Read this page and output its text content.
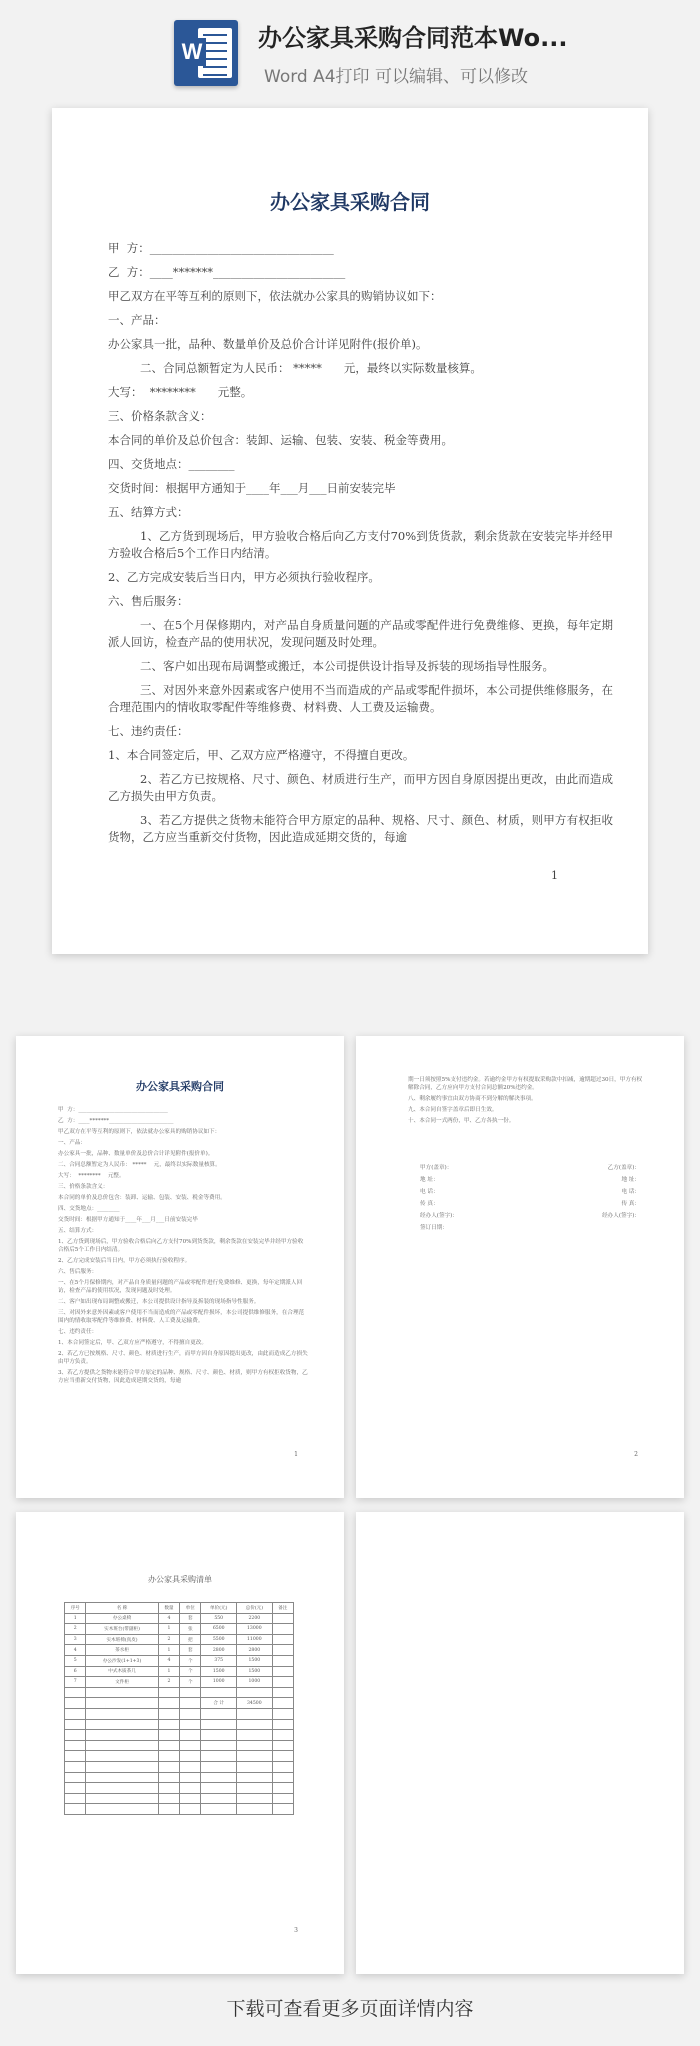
W 办公家具采购合同范本Wo...
Word A4打印 可以编辑、可以修改
办公家具采购合同
甲  方：________________________________
乙  方：____*******_______________________
甲乙双方在平等互利的原则下，依法就办公家具的购销协议如下：
一、产品：
办公家具一批，品种、数量单价及总价合计详见附件(报价单)。
二、合同总额暂定为人民币： *****      元，最终以实际数量核算。
大写：  ********      元整。
三、价格条款含义：
本合同的单价及总价包含：装卸、运输、包装、安装、税金等费用。
四、交货地点：________
交货时间：根据甲方通知于____年___月___日前安装完毕
五、结算方式：
1、乙方货到现场后，甲方验收合格后向乙方支付70%到货货款，剩余货款在安装完毕并经甲方验收合格后5个工作日内结清。
2、乙方完成安装后当日内，甲方必须执行验收程序。
六、售后服务：
一、在5个月保修期内，对产品自身质量问题的产品或零配件进行免费维修、更换，每年定期派人回访，检查产品的使用状况，发现问题及时处理。
二、客户如出现布局调整或搬迁，本公司提供设计指导及拆装的现场指导性服务。
三、对因外来意外因素或客户使用不当而造成的产品或零配件损坏，本公司提供维修服务，在合理范围内的情收取零配件等维修费、材料费、人工费及运输费。
七、违约责任：
1、本合同签定后，甲、乙双方应严格遵守，不得擅自更改。
2、若乙方已按规格、尺寸、颜色、材质进行生产，而甲方因自身原因提出更改，由此而造成乙方损失由甲方负责。
3、若乙方提供之货物未能符合甲方原定的品种、规格、尺寸、颜色、材质，则甲方有权拒收货物，乙方应当重新交付货物，因此造成延期交货的，每逾
1
办公家具采购合同
甲  方：________________________________
乙  方：____*******_______________________
甲乙双方在平等互利的原则下，依法就办公家具的购销协议如下：
一、产品：
办公家具一批，品种、数量单价及总价合计详见附件(报价单)。
二、合同总额暂定为人民币： *****    元，最终以实际数量核算。
大写：  ********    元整。
三、价格条款含义：
本合同的单价及总价包含：装卸、运输、包装、安装、税金等费用。
四、交货地点：________
交货时间：根据甲方通知于____年___月___日前安装完毕
五、结算方式：
1、乙方货到现场后，甲方验收合格后向乙方支付70%到货货款，剩余货款在安装完毕并经甲方验收合格后5个工作日内结清。
2、乙方完成安装后当日内，甲方必须执行验收程序。
六、售后服务：
一、在5个月保修期内，对产品自身质量问题的产品或零配件进行免费维修、更换，每年定期派人回访，检查产品的使用状况，发现问题及时处理。
二、客户如出现布局调整或搬迁，本公司提供设计指导及拆装的现场指导性服务。
三、对因外来意外因素或客户使用不当而造成的产品或零配件损坏，本公司提供维修服务，在合理范围内的情收取零配件等维修费、材料费、人工费及运输费。
七、违约责任：
1、本合同签定后，甲、乙双方应严格遵守，不得擅自更改。
2、若乙方已按规格、尺寸、颜色、材质进行生产，而甲方因自身原因提出更改，由此而造成乙方损失由甲方负责。
3、若乙方提供之货物未能符合甲方原定的品种、规格、尺寸、颜色、材质，则甲方有权拒收货物，乙方应当重新交付货物，因此造成延期交货的，每逾
1
期一日须按照5%支付违约金。若逾约金甲方有权提取采购款中扣减，逾期超过30日，甲方有权解除合同，乙方应向甲方支付合同总额20%违约金。
八、剩余履约事宜由双方协商不到分解的解决事项。
九、本合同自签字盖章后即日生效。
十、本合同一式两份，甲、乙方各执一份。
甲方(盖章)：	乙方(盖章)：
地 址：	地 址：
电 话：	电 话：
传 真：	传 真：
经办人(签字)：	经办人(签字)：
签订日期：
2
办公家具采购清单
序号	名 称	数量	单位	单价(元)	总价(元)	备注
1	办公桌椅	4	套	550	2200	
2	实木班台(带副柜)	1	张	6500	13000	
3	实木班椅(真皮)	2	把	5500	11000	
4	茶水柜	1	套	2800	2800	
5	办公沙发(1+1+3)	4	个	375	1500	
6	中式木质茶几	1	个	1500	1500	
7	文件柜	2	个	1000	1000	

				合 计	34500	

3
下载可查看更多页面详情内容
